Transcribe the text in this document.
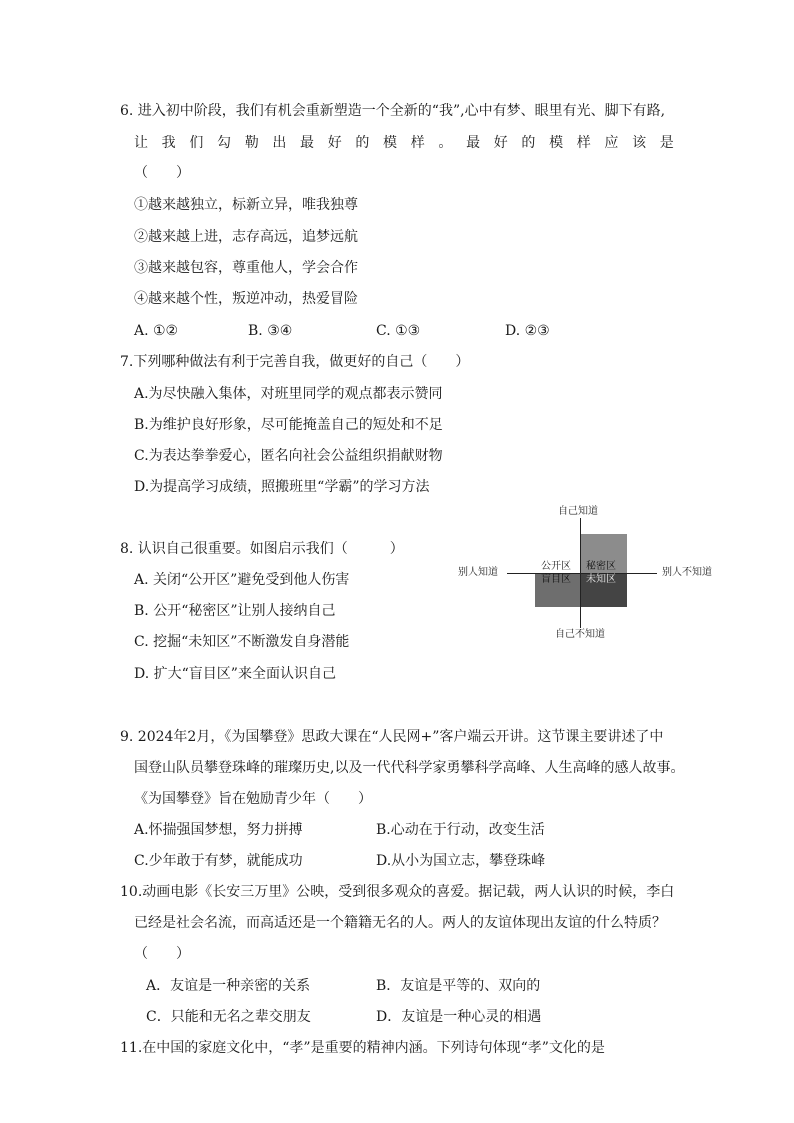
6. 进入初中阶段，我们有机会重新塑造一个全新的“我”,心中有梦、眼里有光、脚下有路,
让 我 们 勾 勒 出 最 好 的 模 样 。 最 好 的 模 样 应 该 是
（　　）
①越来越独立，标新立异，唯我独尊
②越来越上进，志存高远，追梦远航
③越来越包容，尊重他人，学会合作
④越来越个性，叛逆冲动，热爱冒险
A. ①②	B. ③④	C. ①③	D. ②③
7.下列哪种做法有利于完善自我，做更好的自己（　　）
A.为尽快融入集体，对班里同学的观点都表示赞同
B.为维护良好形象，尽可能掩盖自己的短处和不足
C.为表达拳拳爱心，匿名向社会公益组织捐献财物
D.为提高学习成绩，照搬班里“学霸”的学习方法
8. 认识自己很重要。如图启示我们（　　　）
A. 关闭“公开区”避免受到他人伤害
B. 公开“秘密区”让别人接纳自己
C. 挖掘“未知区”不断激发自身潜能
D. 扩大“盲目区”来全面认识自己
自己知道
自己不知道
别人知道	别人不知道
公开区 秘密区
盲目区 未知区
9. 2024年2月，《为国攀登》思政大课在“人民网+”客户端云开讲。这节课主要讲述了中
国登山队员攀登珠峰的璀璨历史,以及一代代科学家勇攀科学高峰、人生高峰的感人故事。
《为国攀登》旨在勉励青少年（　　）
A.怀揣强国梦想，努力拼搏	B.心动在于行动，改变生活
C.少年敢于有梦，就能成功	D.从小为国立志，攀登珠峰
10.动画电影《长安三万里》公映，受到很多观众的喜爱。据记载，两人认识的时候，李白
已经是社会名流，而高适还是一个籍籍无名的人。两人的友谊体现出友谊的什么特质？
（　　）
A．友谊是一种亲密的关系	B．友谊是平等的、双向的
C．只能和无名之辈交朋友	D．友谊是一种心灵的相遇
11.在中国的家庭文化中，“孝”是重要的精神内涵。下列诗句体现“孝”文化的是
